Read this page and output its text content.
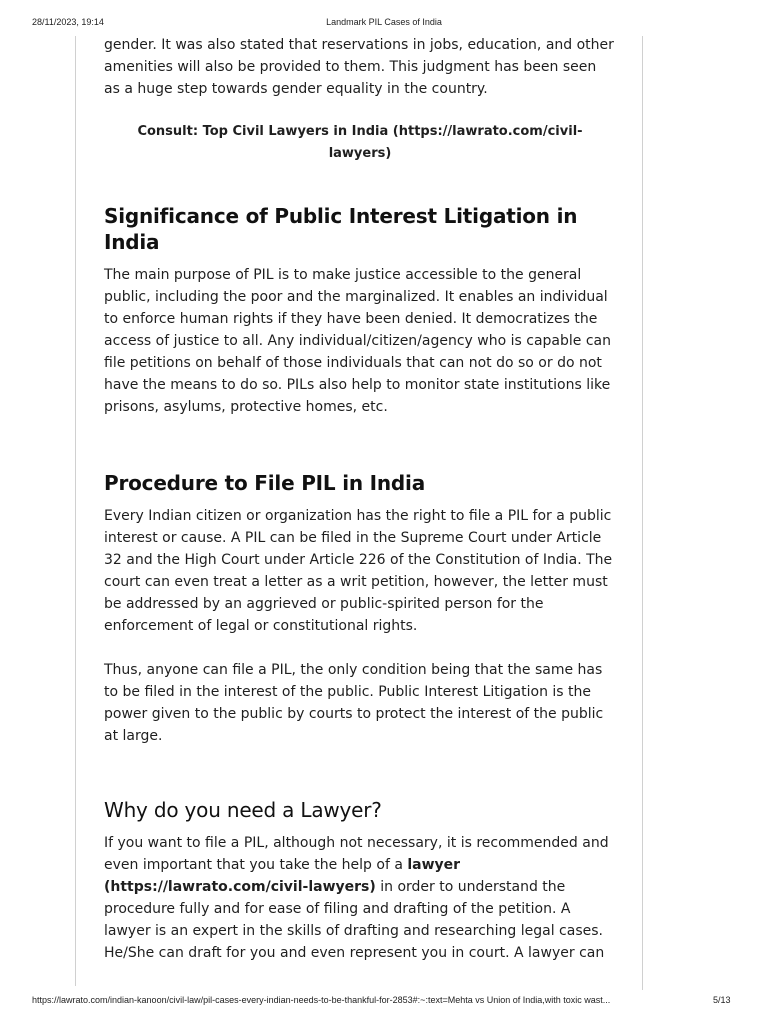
28/11/2023, 19:14	Landmark PIL Cases of India

gender. It was also stated that reservations in jobs, education, and other amenities will also be provided to them. This judgment has been seen as a huge step towards gender equality in the country.

Consult: Top Civil Lawyers in India (https://lawrato.com/civil-lawyers)

Significance of Public Interest Litigation in India

The main purpose of PIL is to make justice accessible to the general public, including the poor and the marginalized. It enables an individual to enforce human rights if they have been denied. It democratizes the access of justice to all. Any individual/citizen/agency who is capable can file petitions on behalf of those individuals that can not do so or do not have the means to do so. PILs also help to monitor state institutions like prisons, asylums, protective homes, etc.

Procedure to File PIL in India

Every Indian citizen or organization has the right to file a PIL for a public interest or cause. A PIL can be filed in the Supreme Court under Article 32 and the High Court under Article 226 of the Constitution of India. The court can even treat a letter as a writ petition, however, the letter must be addressed by an aggrieved or public-spirited person for the enforcement of legal or constitutional rights.

Thus, anyone can file a PIL, the only condition being that the same has to be filed in the interest of the public. Public Interest Litigation is the power given to the public by courts to protect the interest of the public at large.

Why do you need a Lawyer?

If you want to file a PIL, although not necessary, it is recommended and even important that you take the help of a lawyer (https://lawrato.com/civil-lawyers) in order to understand the procedure fully and for ease of filing and drafting of the petition. A lawyer is an expert in the skills of drafting and researching legal cases. He/She can draft for you and even represent you in court. A lawyer can

https://lawrato.com/indian-kanoon/civil-law/pil-cases-every-indian-needs-to-be-thankful-for-2853#:~:text=Mehta vs Union of India,with toxic wast...	5/13
